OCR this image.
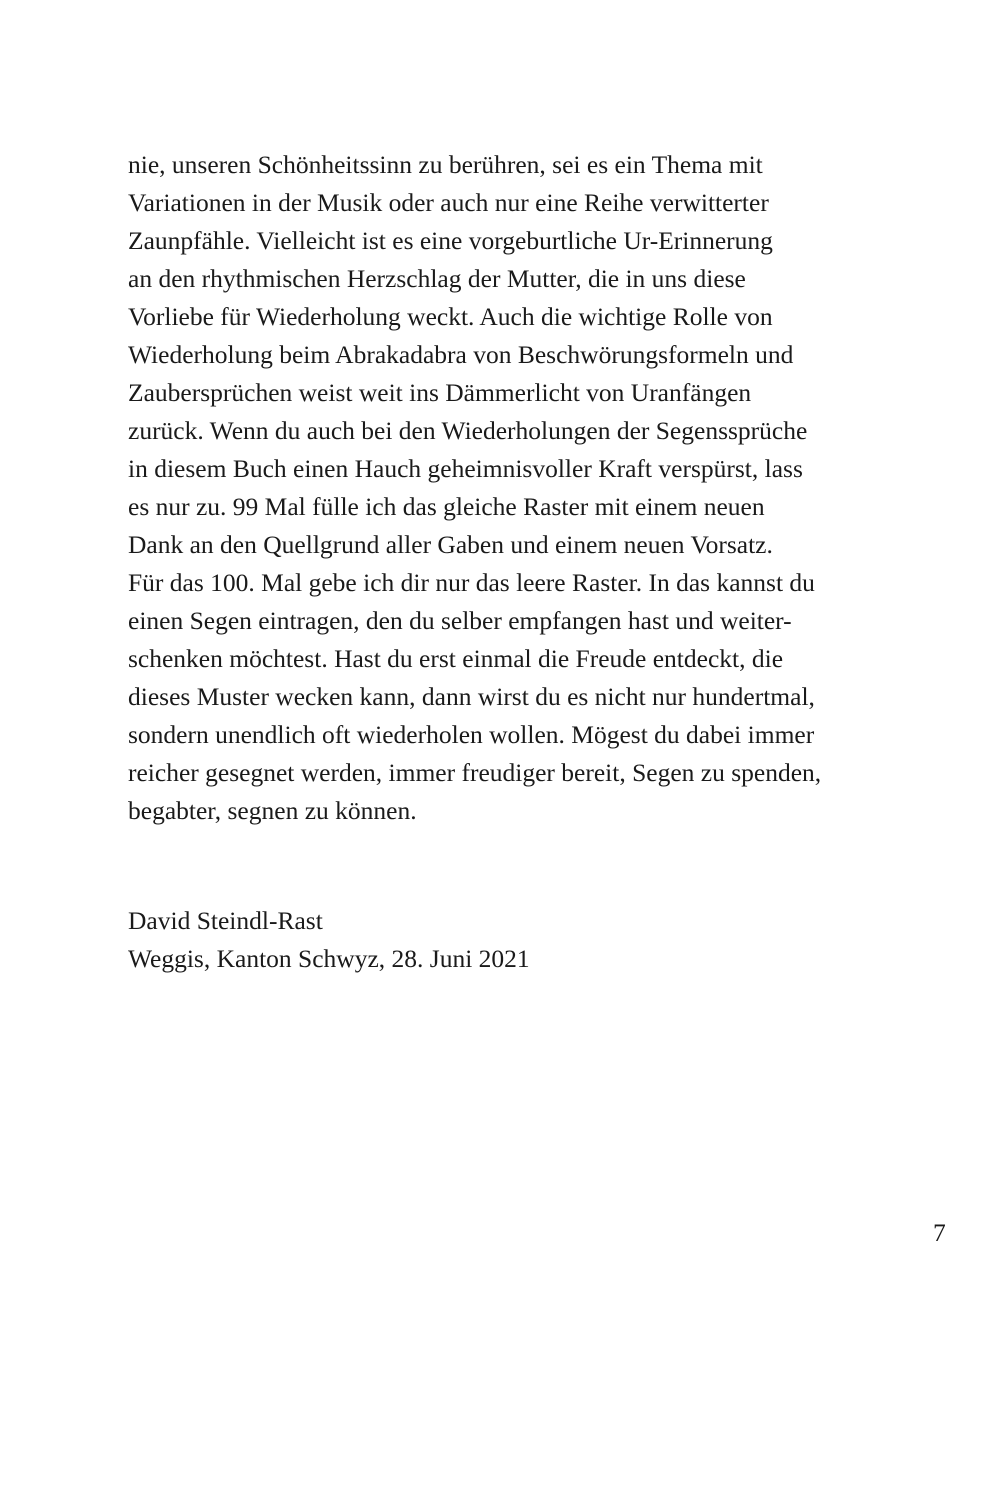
nie, unseren Schönheitssinn zu berühren, sei es ein Thema mit
Variationen in der Musik oder auch nur eine Reihe verwitterter
Zaunpfähle. Vielleicht ist es eine vorgeburtliche Ur-Erinnerung
an den rhythmischen Herzschlag der Mutter, die in uns diese
Vorliebe für Wiederholung weckt. Auch die wichtige Rolle von
Wiederholung beim Abrakadabra von Beschwörungsformeln und
Zaubersprüchen weist weit ins Dämmerlicht von Uranfängen
zurück. Wenn du auch bei den Wiederholungen der Segenssprüche
in diesem Buch einen Hauch geheimnisvoller Kraft verspürst, lass
es nur zu. 99 Mal fülle ich das gleiche Raster mit einem neuen
Dank an den Quellgrund aller Gaben und einem neuen Vorsatz.
Für das 100. Mal gebe ich dir nur das leere Raster. In das kannst du
einen Segen eintragen, den du selber empfangen hast und weiter-
schenken möchtest. Hast du erst einmal die Freude entdeckt, die
dieses Muster wecken kann, dann wirst du es nicht nur hundertmal,
sondern unendlich oft wiederholen wollen. Mögest du dabei immer
reicher gesegnet werden, immer freudiger bereit, Segen zu spenden,
begabter, segnen zu können.
David Steindl-Rast
Weggis, Kanton Schwyz, 28. Juni 2021
7
